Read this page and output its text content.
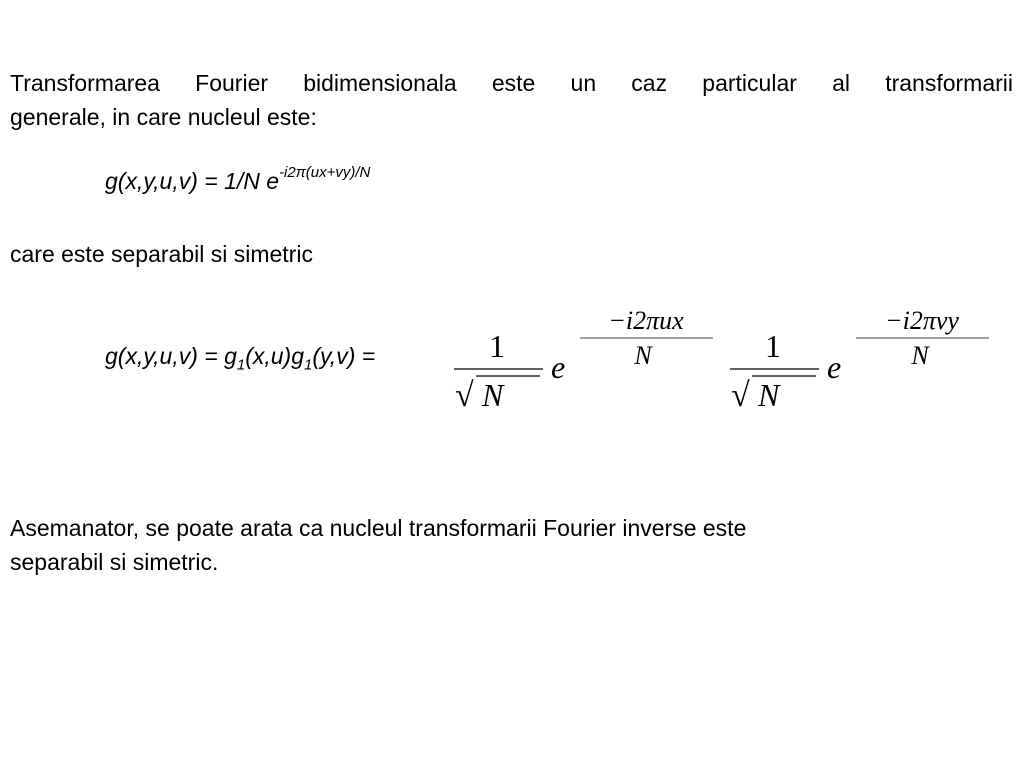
Transformarea Fourier bidimensionala este un caz particular al transformarii
generale, in care nucleul este:

g(x,y,u,v) = 1/N $e^{-i2\pi(ux+vy)/N}$

care este separabil si simetric

$g(x,y,u,v) = g_1(x,u)g_1(y,v)$ =	1
√ N
e
−i2πux
N	1
√ N
e
−i2πvy
N

Asemanator, se poate arata ca nucleul transformarii Fourier inverse este
separabil si simetric.
